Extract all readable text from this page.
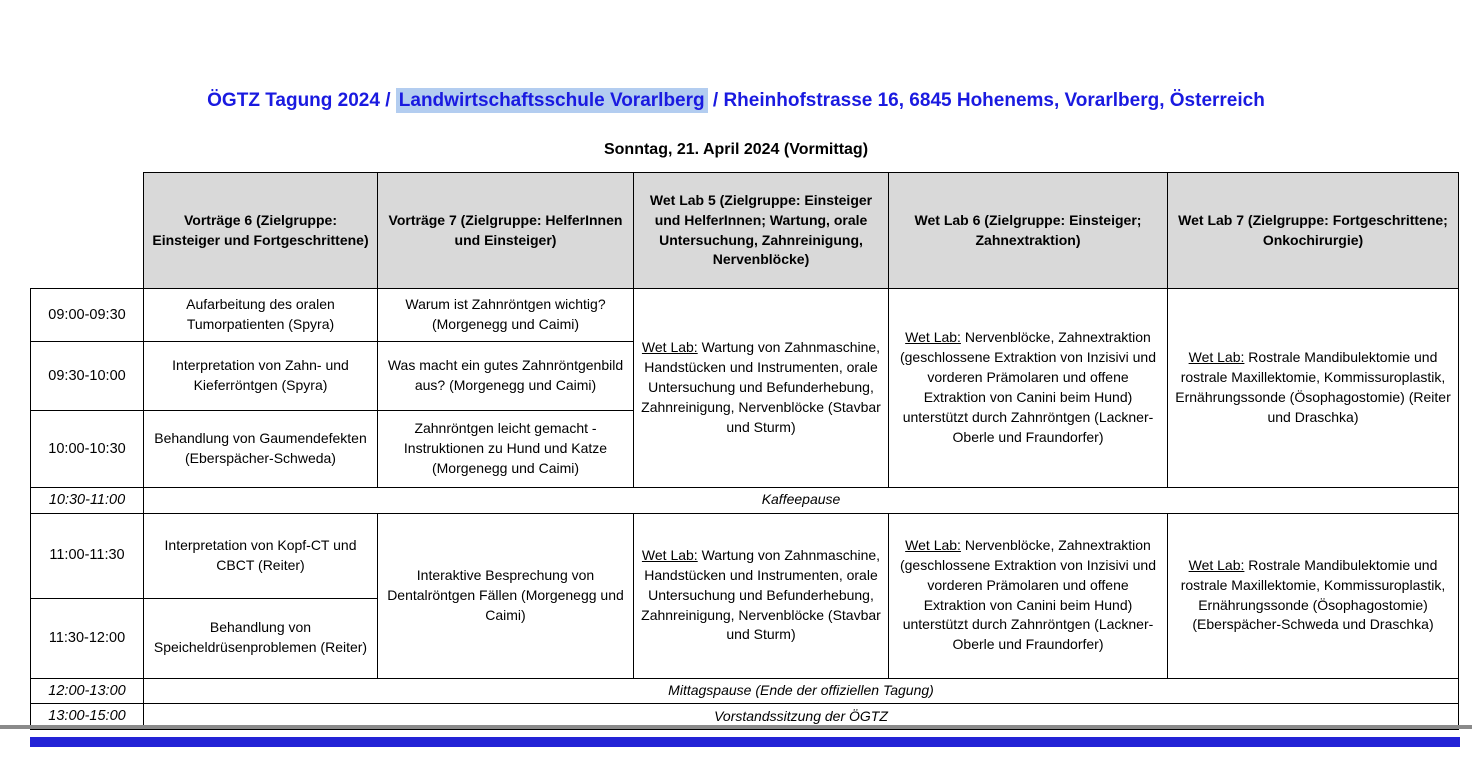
ÖGTZ Tagung 2024 / Landwirtschaftsschule Vorarlberg / Rheinhofstrasse 16, 6845 Hohenems, Vorarlberg, Österreich
Sonntag, 21. April 2024 (Vormittag)
	Vorträge 6 (Zielgruppe: Einsteiger und Fortgeschrittene)	Vorträge 7 (Zielgruppe: HelferInnen und Einsteiger)	Wet Lab 5 (Zielgruppe: Einsteiger und HelferInnen; Wartung, orale Untersuchung, Zahnreinigung, Nervenblöcke)	Wet Lab 6 (Zielgruppe: Einsteiger; Zahnextraktion)	Wet Lab 7 (Zielgruppe: Fortgeschrittene; Onkochirurgie)
09:00-09:30	Aufarbeitung des oralen Tumorpatienten (Spyra)	Warum ist Zahnröntgen wichtig? (Morgenegg und Caimi)	Wet Lab: Wartung von Zahnmaschine, Handstücken und Instrumenten, orale Untersuchung und Befunderhebung, Zahnreinigung, Nervenblöcke (Stavbar und Sturm)	Wet Lab: Nervenblöcke, Zahnextraktion (geschlossene Extraktion von Inzisivi und vorderen Prämolaren und offene Extraktion von Canini beim Hund) unterstützt durch Zahnröntgen (Lackner-Oberle und Fraundorfer)	Wet Lab: Rostrale Mandibulektomie und rostrale Maxillektomie, Kommissuroplastik, Ernährungssonde (Ösophagostomie) (Reiter und Draschka)
09:30-10:00	Interpretation von Zahn- und Kieferröntgen (Spyra)	Was macht ein gutes Zahnröntgenbild aus? (Morgenegg und Caimi)			
10:00-10:30	Behandlung von Gaumendefekten (Eberspächer-Schweda)	Zahnröntgen leicht gemacht - Instruktionen zu Hund und Katze (Morgenegg und Caimi)			
10:30-11:00	Kaffeepause				
11:00-11:30	Interpretation von Kopf-CT und CBCT (Reiter)	Interaktive Besprechung von Dentalröntgen Fällen (Morgenegg und Caimi)	Wet Lab: Wartung von Zahnmaschine, Handstücken und Instrumenten, orale Untersuchung und Befunderhebung, Zahnreinigung, Nervenblöcke (Stavbar und Sturm)	Wet Lab: Nervenblöcke, Zahnextraktion (geschlossene Extraktion von Inzisivi und vorderen Prämolaren und offene Extraktion von Canini beim Hund) unterstützt durch Zahnröntgen (Lackner-Oberle und Fraundorfer)	Wet Lab: Rostrale Mandibulektomie und rostrale Maxillektomie, Kommissuroplastik, Ernährungssonde (Ösophagostomie) (Eberspächer-Schweda und Draschka)
11:30-12:00	Behandlung von Speicheldrüsenproblemen (Reiter)				
12:00-13:00	Mittagspause (Ende der offiziellen Tagung)				
13:00-15:00	Vorstandssitzung der ÖGTZ				
